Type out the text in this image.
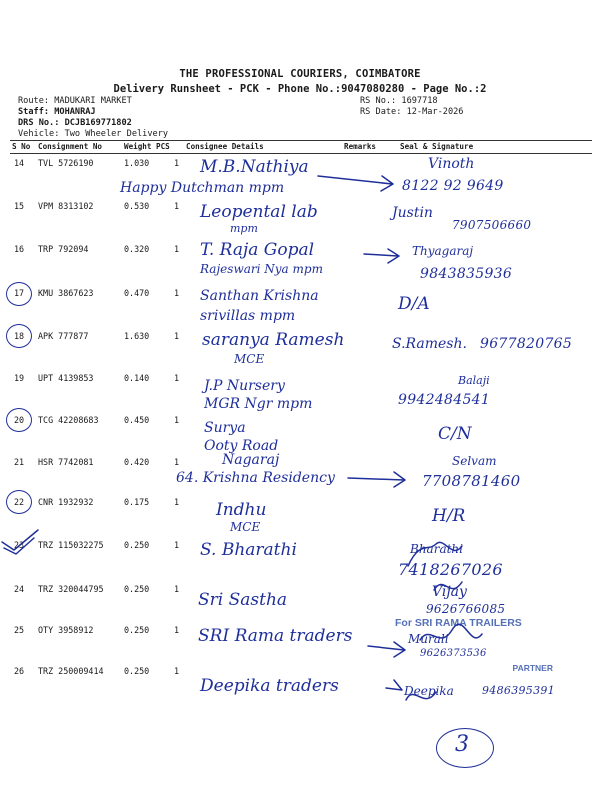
THE PROFESSIONAL COURIERS, COIMBATORE
Delivery Runsheet - PCK - Phone No.:9047080280 - Page No.:2
Route: MADUKARI MARKET
Staff: MOHANRAJ
DRS No.: DCJB169771802
Vehicle: Two Wheeler Delivery
RS No.: 1697718
RS Date: 12-Mar-2026
S No Consignment No	Weight PCS Consignee Details	Remarks	Seal & Signature
14 TVL 5726190	1.030	1 M.B.Nathiya
Happy Dutchman mpm
Vinoth
8122 92 9649
15 VPM 8313102	0.530	1 Leopental lab
mpm
Justin
7907506660
16 TRP 792094	0.320	1 T. Raja Gopal
Rajeswari Nya mpm
Thyagaraj
9843835936
17 KMU 3867623	0.470	1 Santhan Krishna
srivillas mpm
D/A
18 APK 777877	1.630	1 saranya Ramesh
MCE
S.Ramesh. 9677820765
19 UPT 4139853	0.140	1 J.P Nursery
MGR Ngr mpm
Balaji
9942484541
20 TCG 42208683	0.450	1 Surya
Ooty Road
C/N
21 HSR 7742081	0.420	1	Nagaraj
64. Krishna Residency
Selvam
7708781460
22 CNR 1932932	0.175	1 Indhu
MCE
H/R
23 TRZ 115032275 0.250	1 S. Bharathi	Bharathi
7418267026
24 TRZ 320044795 0.250	1
Sri Sastha	Vijay
9626766085
25 OTY 3958912	0.250	1 SRI Rama traders	Murali
9626373536
26 TRZ 250009414 0.250	1
Deepika traders	Deepika	9486395391
For SRI RAMA TRAILERS
PARTNER
3
